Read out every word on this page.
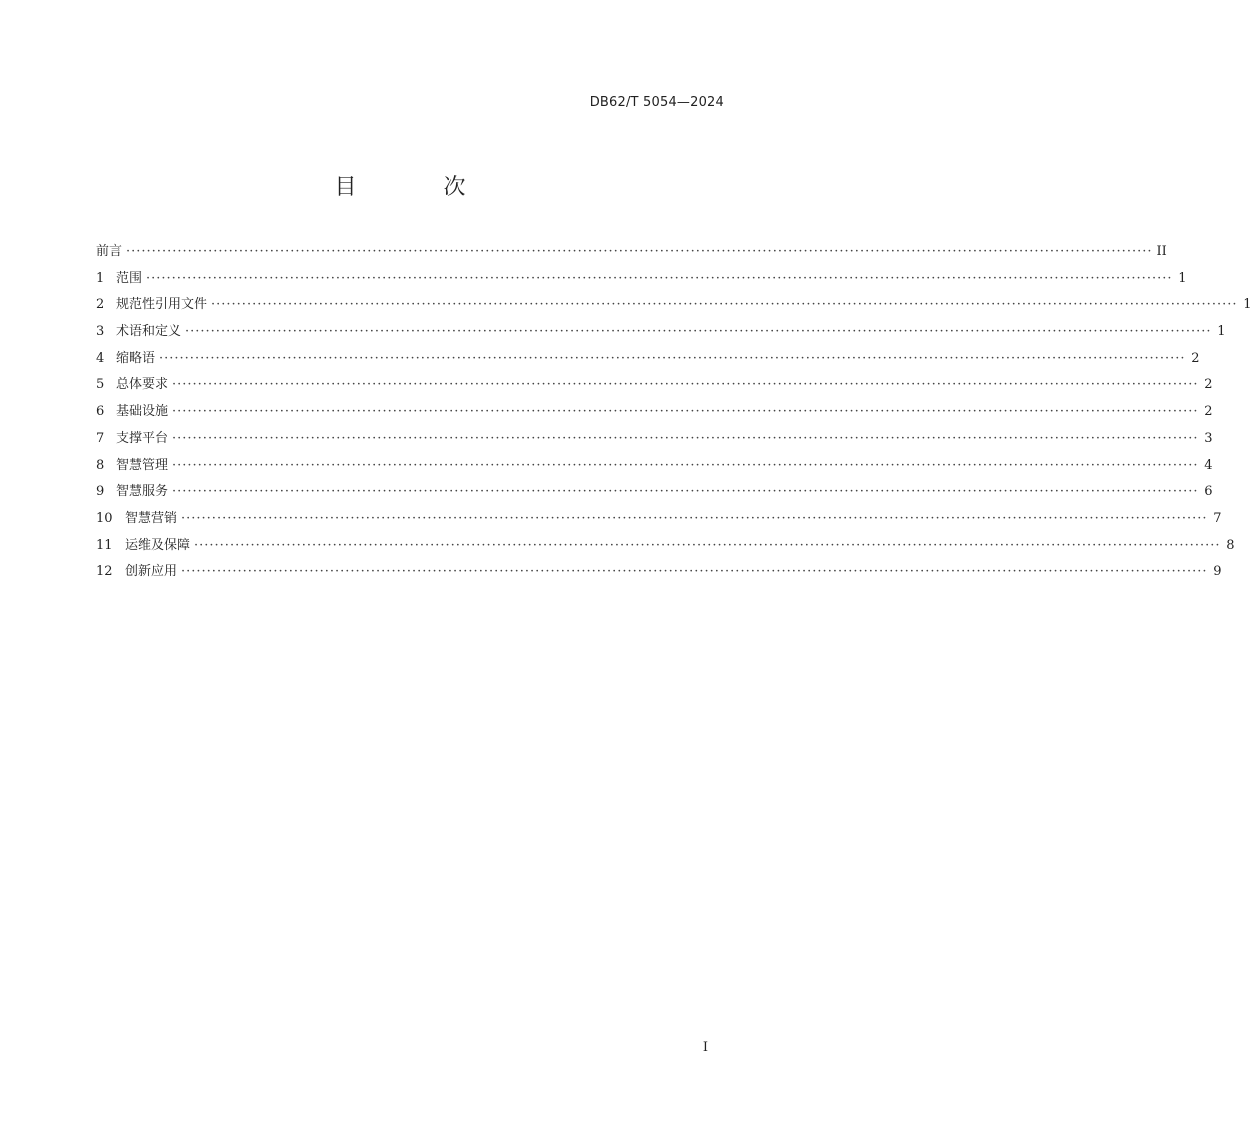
DB62/T 5054—2024
目 次
前言 ········································································································································································································ II
1 范围 ········································································································································································································ 1
2 规范性引用文件 ········································································································································································································ 1
3 术语和定义 ········································································································································································································ 1
4 缩略语 ········································································································································································································ 2
5 总体要求 ········································································································································································································ 2
6 基础设施 ········································································································································································································ 2
7 支撑平台 ········································································································································································································ 3
8 智慧管理 ········································································································································································································ 4
9 智慧服务 ········································································································································································································ 6
10 智慧营销 ········································································································································································································ 7
11 运维及保障 ········································································································································································································ 8
12 创新应用 ········································································································································································································ 9
I
